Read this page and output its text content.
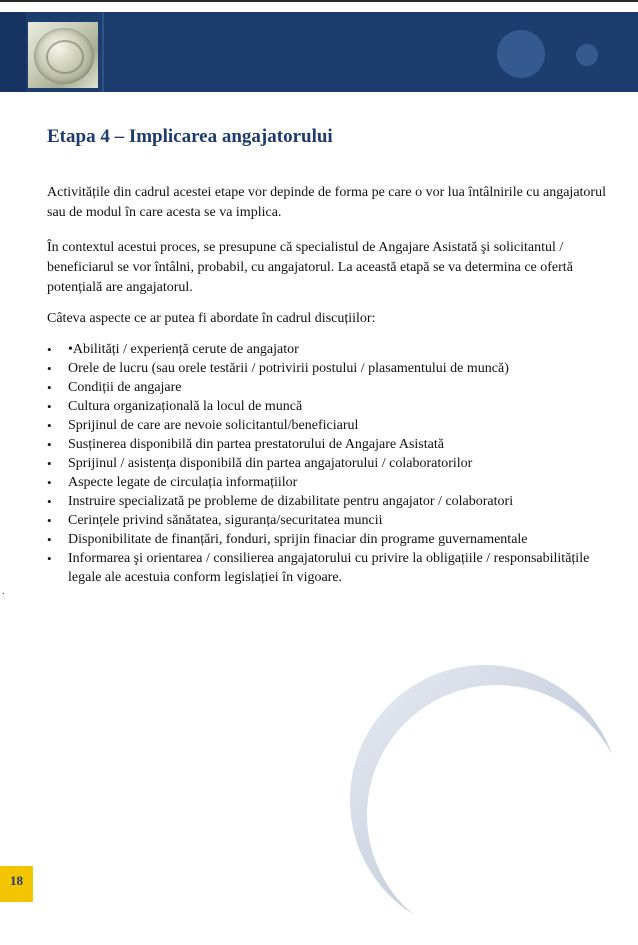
Etapa 4 – Implicarea angajatorului

Activitățile din cadrul acestei etape vor depinde de forma pe care o vor lua întâlnirile cu angajatorul sau de modul în care acesta se va implica.

În contextul acestui proces, se presupune că specialistul de Angajare Asistată şi solicitantul / beneficiarul se vor întâlni, probabil, cu angajatorul. La această etapă se va determina ce ofertă potențială are angajatorul.

Câteva aspecte ce ar putea fi abordate în cadrul discuțiilor:

• •Abilități / experiență cerute de angajator
• Orele de lucru (sau orele testării / potrivirii postului / plasamentului de muncă)
• Condiții de angajare
• Cultura organizațională la locul de muncă
• Sprijinul de care are nevoie solicitantul/beneficiarul
• Susținerea disponibilă din partea prestatorului de Angajare Asistată
• Sprijinul / asistența disponibilă din partea angajatorului / colaboratorilor
• Aspecte legate de circulația informațiilor
• Instruire specializată pe probleme de dizabilitate pentru angajator / colaboratori
• Cerințele privind sănătatea, siguranța/securitatea muncii
• Disponibilitate de finanțări, fonduri, sprijin finaciar din programe guvernamentale
• Informarea şi orientarea / consilierea angajatorului cu privire la obligațiile / responsabilitățile legale ale acestuia conform legislației în vigoare.
.
18
